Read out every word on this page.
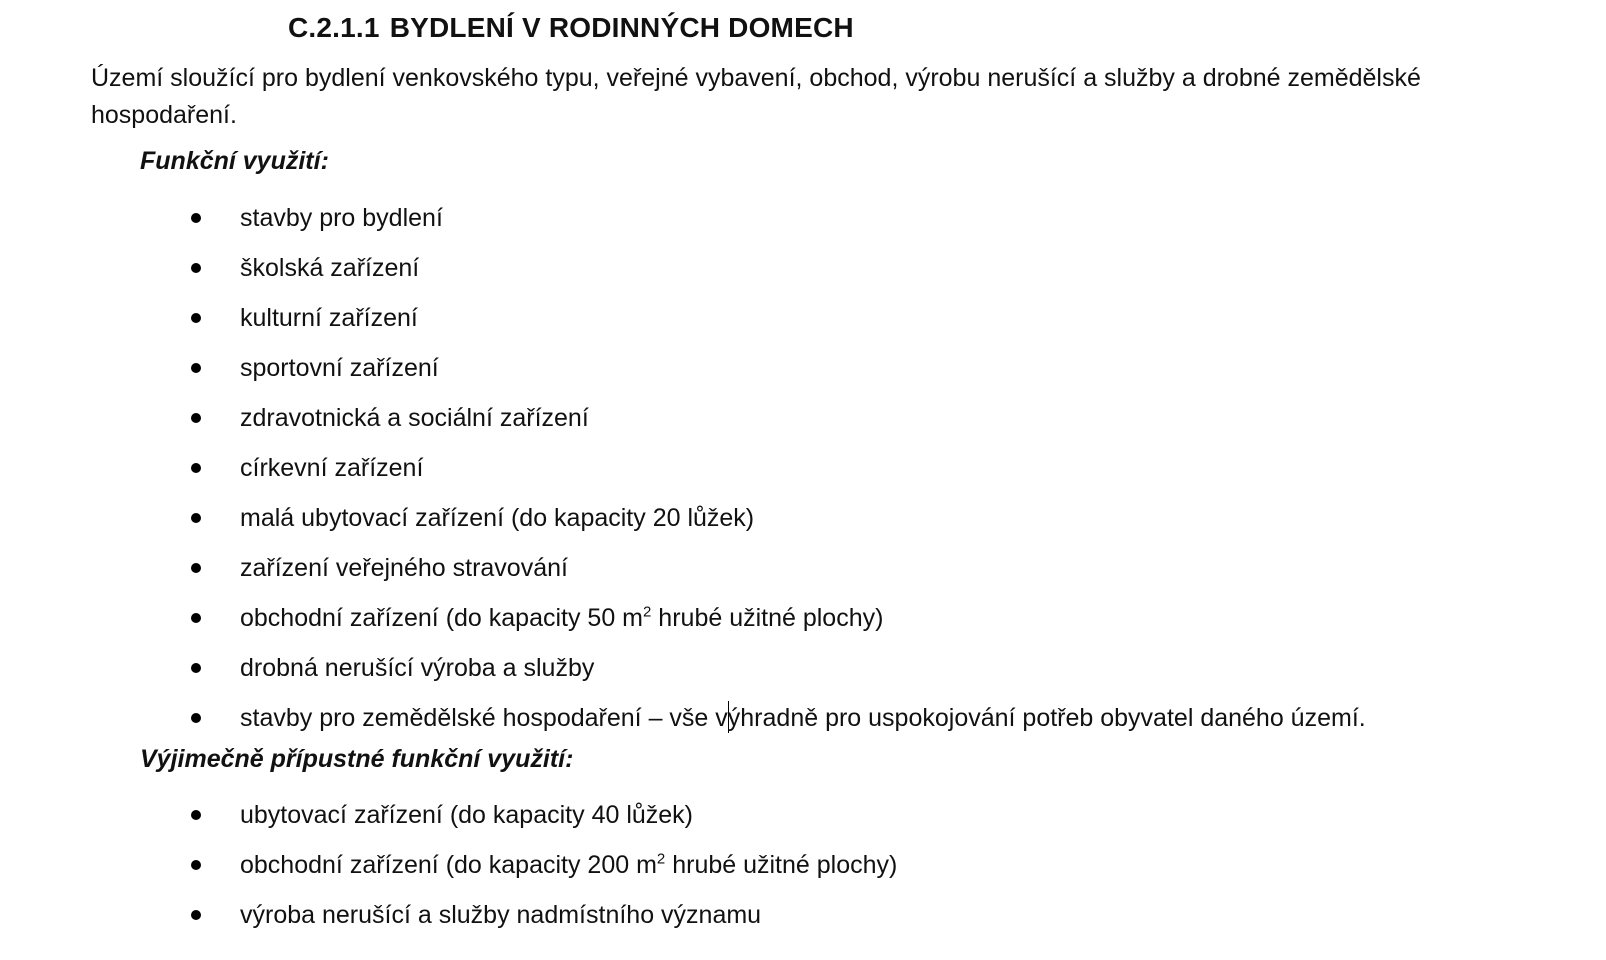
C.2.1.1 BYDLENÍ V RODINNÝCH DOMECH

Území sloužící pro bydlení venkovského typu, veřejné vybavení, obchod, výrobu nerušící a služby a drobné zemědělské
hospodaření.

Funkční využití:

stavby pro bydlení
školská zařízení
kulturní zařízení
sportovní zařízení
zdravotnická a sociální zařízení
církevní zařízení
malá ubytovací zařízení (do kapacity 20 lůžek)
zařízení veřejného stravování
obchodní zařízení (do kapacity 50 $m^2$ hrubé užitné plochy)
drobná nerušící výroba a služby
stavby pro zemědělské hospodaření – vše výhradně pro uspokojování potřeb obyvatel daného území.

Výjimečně přípustné funkční využití:

ubytovací zařízení (do kapacity 40 lůžek)
obchodní zařízení (do kapacity 200 $m^2$ hrubé užitné plochy)
výroba nerušící a služby nadmístního významu
